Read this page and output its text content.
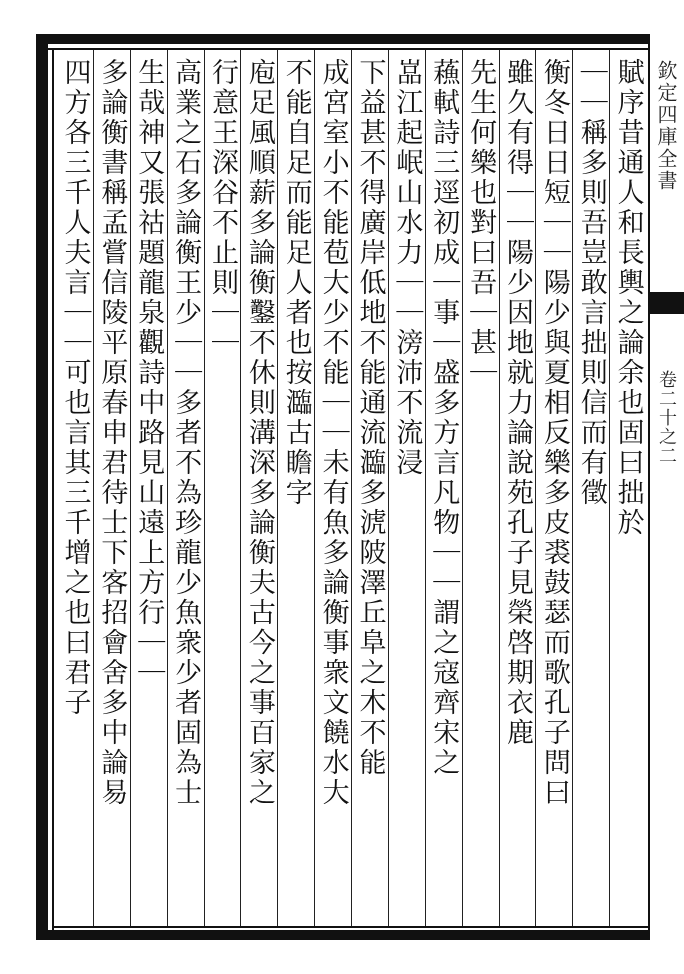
欽定四庫全書
卷二十之二
賦序昔通人和長輿之論余也固曰拙於
｜｜稱多則吾豈敢言拙則信而有徵
衡冬日日短｜｜陽少與夏相反樂多皮裘鼓瑟而歌孔子問曰
雖久有得｜｜陽少因地就力論說苑孔子見榮啓期衣鹿
先生何樂也對曰吾｜甚｜
蘓軾詩三逕初成｜事｜盛多方言凡物｜｜謂之寇齊宋之
嵓江起岷山水力｜｜滂沛不流浸
下益甚不得廣岸低地不能通流瀶多淲陂澤丘阜之木不能
成宮室小不能苞大少不能｜｜未有魚多論衡事衆文饒水大
不能自足而能足人者也按瀶古瞻字
庖足風順薪多論衡鑿不休則溝深多論衡夫古今之事百家之
行意王深谷不止則｜｜
高業之石多論衡王少｜｜多者不為珍龍少魚衆少者固為士
生哉神又張祜題龍泉觀詩中路見山遠上方行｜｜
多論衡書稱孟嘗信陵平原春申君待士下客招會舍多中論易
四方各三千人夫言｜｜可也言其三千增之也曰君子
